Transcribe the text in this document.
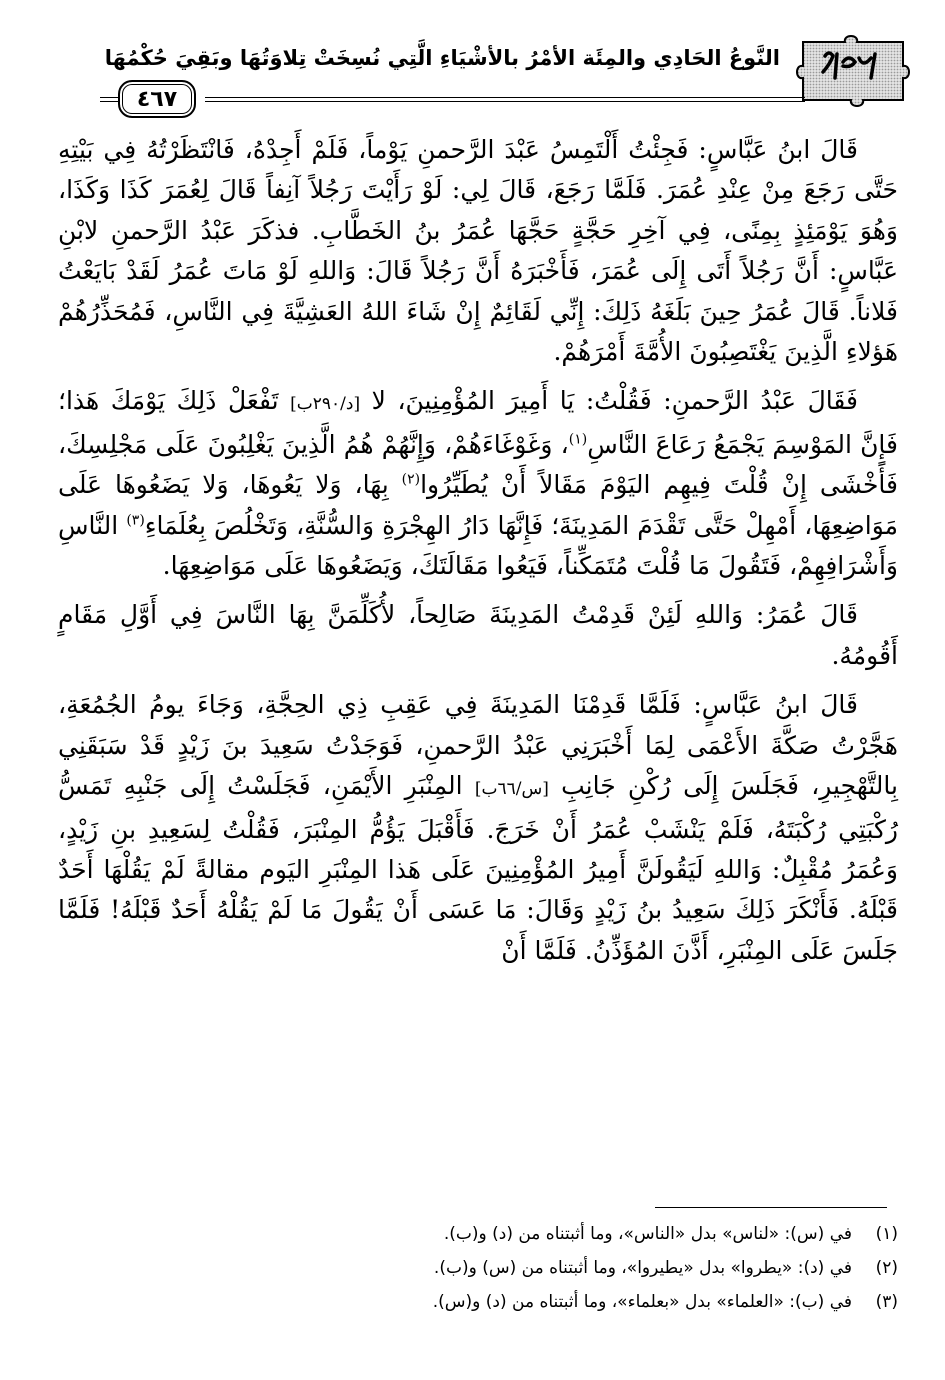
النَّوعُ الحَادِي والمِئَة الأمْرُ بالأشْيَاءِ الَّتِي نُسِخَتْ تِلاوَتُهَا وبَقِيَ حُكْمُهَا
٤٦٧

قَالَ ابنُ عَبَّاسٍ: فَجِئْتُ أَلْتَمِسُ عَبْدَ الرَّحمنِ يَوْماً، فَلَمْ أَجِدْهُ، فَانْتَظَرْتُهُ فِي بَيْتِهِ حَتَّى رَجَعَ مِنْ عِنْدِ عُمَرَ. فَلَمَّا رَجَعَ، قَالَ لِي: لَوْ رَأَيْتَ رَجُلاً آنِفاً قَالَ لِعُمَرَ كَذَا وَكَذَا، وَهُوَ يَوْمَئِذٍ بِمِنًى، فِي آخِرِ حَجَّةٍ حَجَّهَا عُمَرُ بنُ الخَطَّابِ. فذكَرَ عَبْدُ الرَّحمنِ لابْنِ عَبَّاسٍ: أَنَّ رَجُلاً أَتَى إِلَى عُمَرَ، فَأَخْبَرَهُ أَنَّ رَجُلاً قَالَ: وَاللهِ لَوْ مَاتَ عُمَرُ لَقَدْ بَايَعْتُ فَلاناً. قَالَ عُمَرُ حِينَ بَلَغَهُ ذَلِكَ: إِنِّي لَقَائِمٌ إِنْ شَاءَ اللهُ العَشِيَّةَ فِي النَّاسِ، فَمُحَذِّرُهُمْ هَؤلاءِ الَّذِينَ يَغْتَصِبُونَ الأُمَّةَ أَمْرَهُمْ.

فَقَالَ عَبْدُ الرَّحمنِ: فَقُلْتُ: يَا أَمِيرَ المُؤْمِنِينَ، لا [د/٢٩٠ب] تَفْعَلْ ذَلِكَ يَوْمَكَ هَذا؛ فَإِنَّ المَوْسِمَ يَجْمَعُ رَعَاعَ النَّاسِ$^{(١)}$، وَغَوْغَاءَهُمْ، وَإِنَّهُمْ هُمُ الَّذِينَ يَغْلِبُونَ عَلَى مَجْلِسِكَ، فَأَخْشَى إِنْ قُلْتَ فِيهِم اليَوْمَ مَقَالاً أَنْ يُطَيِّرُوا$^{(٢)}$ بِهَا، وَلا يَعُوهَا، وَلا يَضَعُوهَا عَلَى مَوَاضِعِهَا، أَمْهِلْ حَتَّى تَقْدَمَ المَدِينَةَ؛ فَإِنَّهَا دَارُ الهِجْرَةِ وَالسُّنَّةِ، وَتَخْلُصَ بِعُلَمَاءِ$^{(٣)}$ النَّاسِ وَأَشْرَافِهِمْ، فَتَقُولَ مَا قُلْتَ مُتَمَكِّناً، فَيَعُوا مَقَالَتَكَ، وَيَضَعُوهَا عَلَى مَوَاضِعِهَا.

قَالَ عُمَرُ: وَاللهِ لَئِنْ قَدِمْتُ المَدِينَةَ صَالِحاً، لأُكَلِّمَنَّ بِهَا النَّاسَ فِي أَوَّلِ مَقَامٍ أَقُومُهُ.

قَالَ ابنُ عَبَّاسٍ: فَلَمَّا قَدِمْنَا المَدِينَةَ فِي عَقِبِ ذِي الحِجَّةِ، وَجَاءَ يومُ الجُمُعَةِ، هَجَّرْتُ صَكَّةَ الأَعْمَى لِمَا أَخْبَرَنِي عَبْدُ الرَّحمنِ، فَوَجَدْتُ سَعِيدَ بنَ زَيْدٍ قَدْ سَبَقَنِي بِالتَّهْجِيرِ، فَجَلَسَ إِلَى رُكْنِ جَانِبِ [س/٦٦ب] المِنْبَرِ الأَيْمَنِ، فَجَلَسْتُ إِلَى جَنْبِهِ تَمَسُّ رُكْبَتِي رُكْبَتَهُ، فَلَمْ يَنْشَبْ عُمَرُ أَنْ خَرَجَ. فَأَقْبَلَ يَؤُمُّ المِنْبَرَ، فَقُلْتُ لِسَعِيدِ بنِ زَيْدٍ، وَعُمَرُ مُقْبِلٌ: وَاللهِ لَيَقُولَنَّ أَمِيرُ المُؤْمِنِينَ عَلَى هَذا المِنْبَرِ اليَوم مقالةً لَمْ يَقُلْهَا أَحَدٌ قَبْلَهُ. فَأَنْكَرَ ذَلِكَ سَعِيدُ بنُ زَيْدٍ وَقَالَ: مَا عَسَى أَنْ يَقُولَ مَا لَمْ يَقُلْهُ أَحَدٌ قَبْلَهُ! فَلَمَّا جَلَسَ عَلَى المِنْبَرِ، أَذَّنَ المُؤَذِّنُ. فَلَمَّا أَنْ

(١)
في (س): «لناس» بدل «الناس»، وما أثبتناه من (د) و(ب).
(٢)
في (د): «يطروا» بدل «يطيروا»، وما أثبتناه من (س) و(ب).
(٣)
في (ب): «العلماء» بدل «بعلماء»، وما أثبتناه من (د) و(س).
